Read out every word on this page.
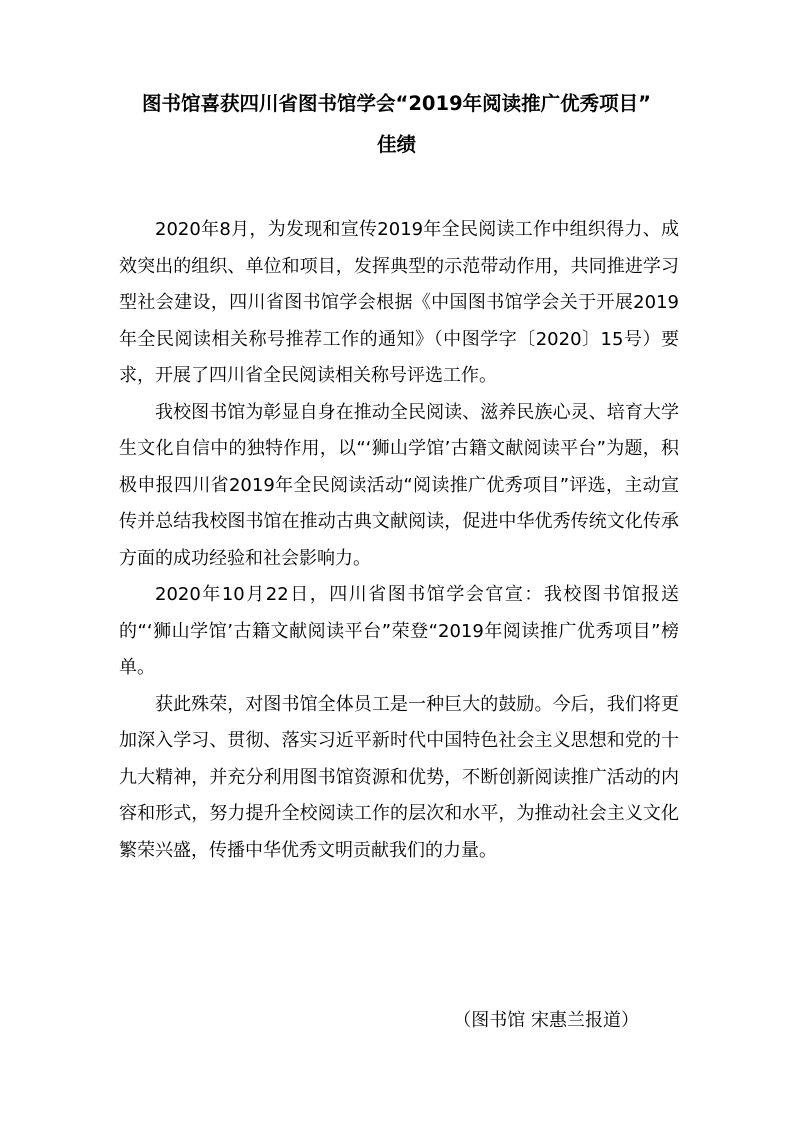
图书馆喜获四川省图书馆学会“2019年阅读推广优秀项目”
佳绩

2020年8月，为发现和宣传2019年全民阅读工作中组织得力、成效突出的组织、单位和项目，发挥典型的示范带动作用，共同推进学习型社会建设，四川省图书馆学会根据《中国图书馆学会关于开展2019年全民阅读相关称号推荐工作的通知》（中图学字〔2020〕15号）要求，开展了四川省全民阅读相关称号评选工作。

我校图书馆为彰显自身在推动全民阅读、滋养民族心灵、培育大学生文化自信中的独特作用，以“‘狮山学馆’古籍文献阅读平台”为题，积极申报四川省2019年全民阅读活动“阅读推广优秀项目”评选，主动宣传并总结我校图书馆在推动古典文献阅读，促进中华优秀传统文化传承方面的成功经验和社会影响力。

2020年10月22日，四川省图书馆学会官宣：我校图书馆报送的“‘狮山学馆’古籍文献阅读平台”荣登“2019年阅读推广优秀项目”榜单。

获此殊荣，对图书馆全体员工是一种巨大的鼓励。今后，我们将更加深入学习、贯彻、落实习近平新时代中国特色社会主义思想和党的十九大精神，并充分利用图书馆资源和优势，不断创新阅读推广活动的内容和形式，努力提升全校阅读工作的层次和水平，为推动社会主义文化繁荣兴盛，传播中华优秀文明贡献我们的力量。

（图书馆 宋惠兰报道）
